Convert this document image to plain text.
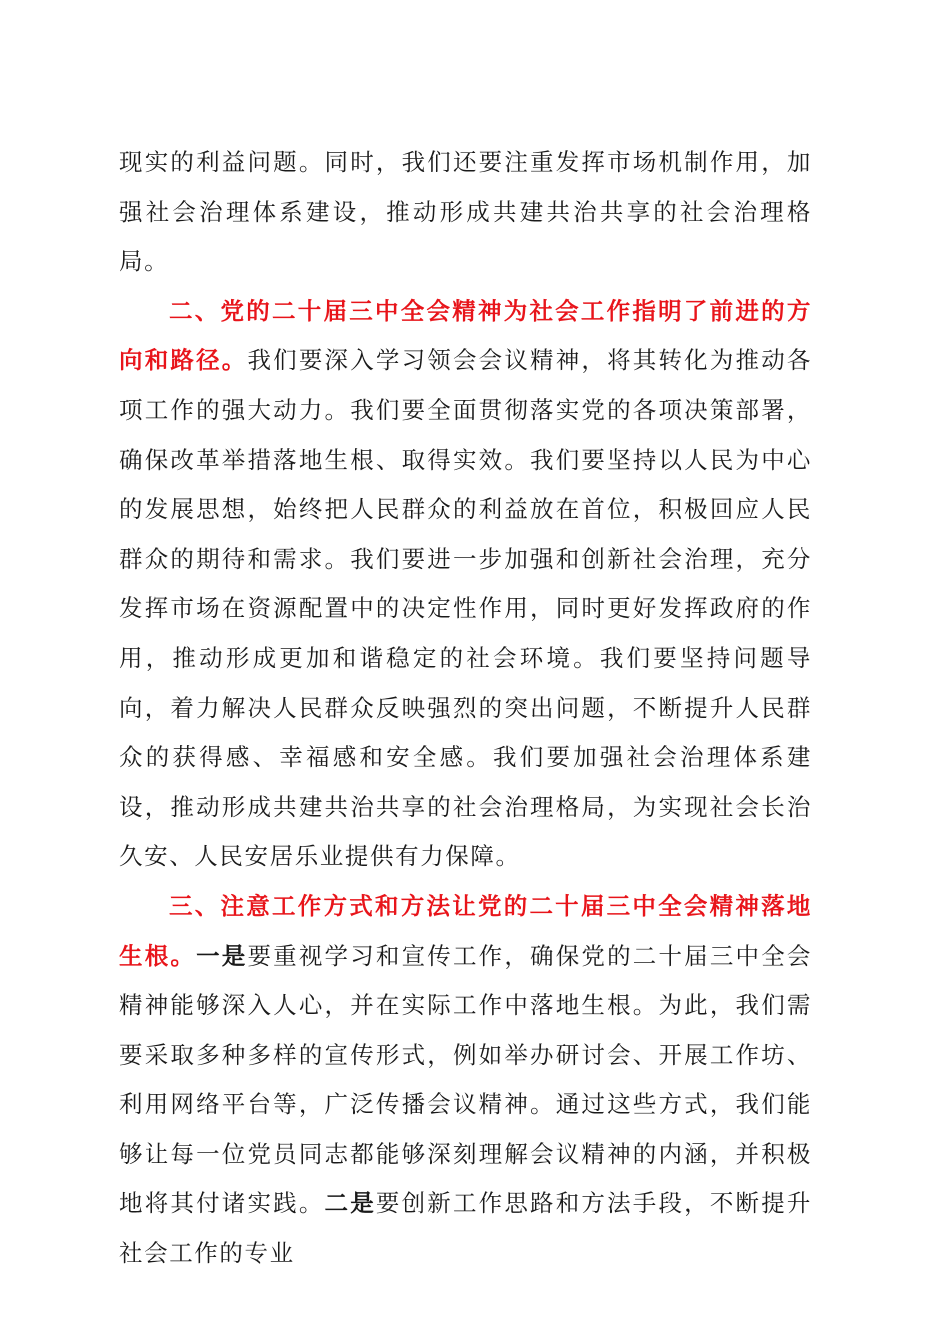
现实的利益问题。同时，我们还要注重发挥市场机制作用，加强社会治理体系建设，推动形成共建共治共享的社会治理格局。

二、党的二十届三中全会精神为社会工作指明了前进的方向和路径。我们要深入学习领会会议精神，将其转化为推动各项工作的强大动力。我们要全面贯彻落实党的各项决策部署，确保改革举措落地生根、取得实效。我们要坚持以人民为中心的发展思想，始终把人民群众的利益放在首位，积极回应人民群众的期待和需求。我们要进一步加强和创新社会治理，充分发挥市场在资源配置中的决定性作用，同时更好发挥政府的作用，推动形成更加和谐稳定的社会环境。我们要坚持问题导向，着力解决人民群众反映强烈的突出问题，不断提升人民群众的获得感、幸福感和安全感。我们要加强社会治理体系建设，推动形成共建共治共享的社会治理格局，为实现社会长治久安、人民安居乐业提供有力保障。

三、注意工作方式和方法让党的二十届三中全会精神落地生根。一是要重视学习和宣传工作，确保党的二十届三中全会精神能够深入人心，并在实际工作中落地生根。为此，我们需要采取多种多样的宣传形式，例如举办研讨会、开展工作坊、利用网络平台等，广泛传播会议精神。通过这些方式，我们能够让每一位党员同志都能够深刻理解会议精神的内涵，并积极地将其付诸实践。二是要创新工作思路和方法手段，不断提升社会工作的专业
